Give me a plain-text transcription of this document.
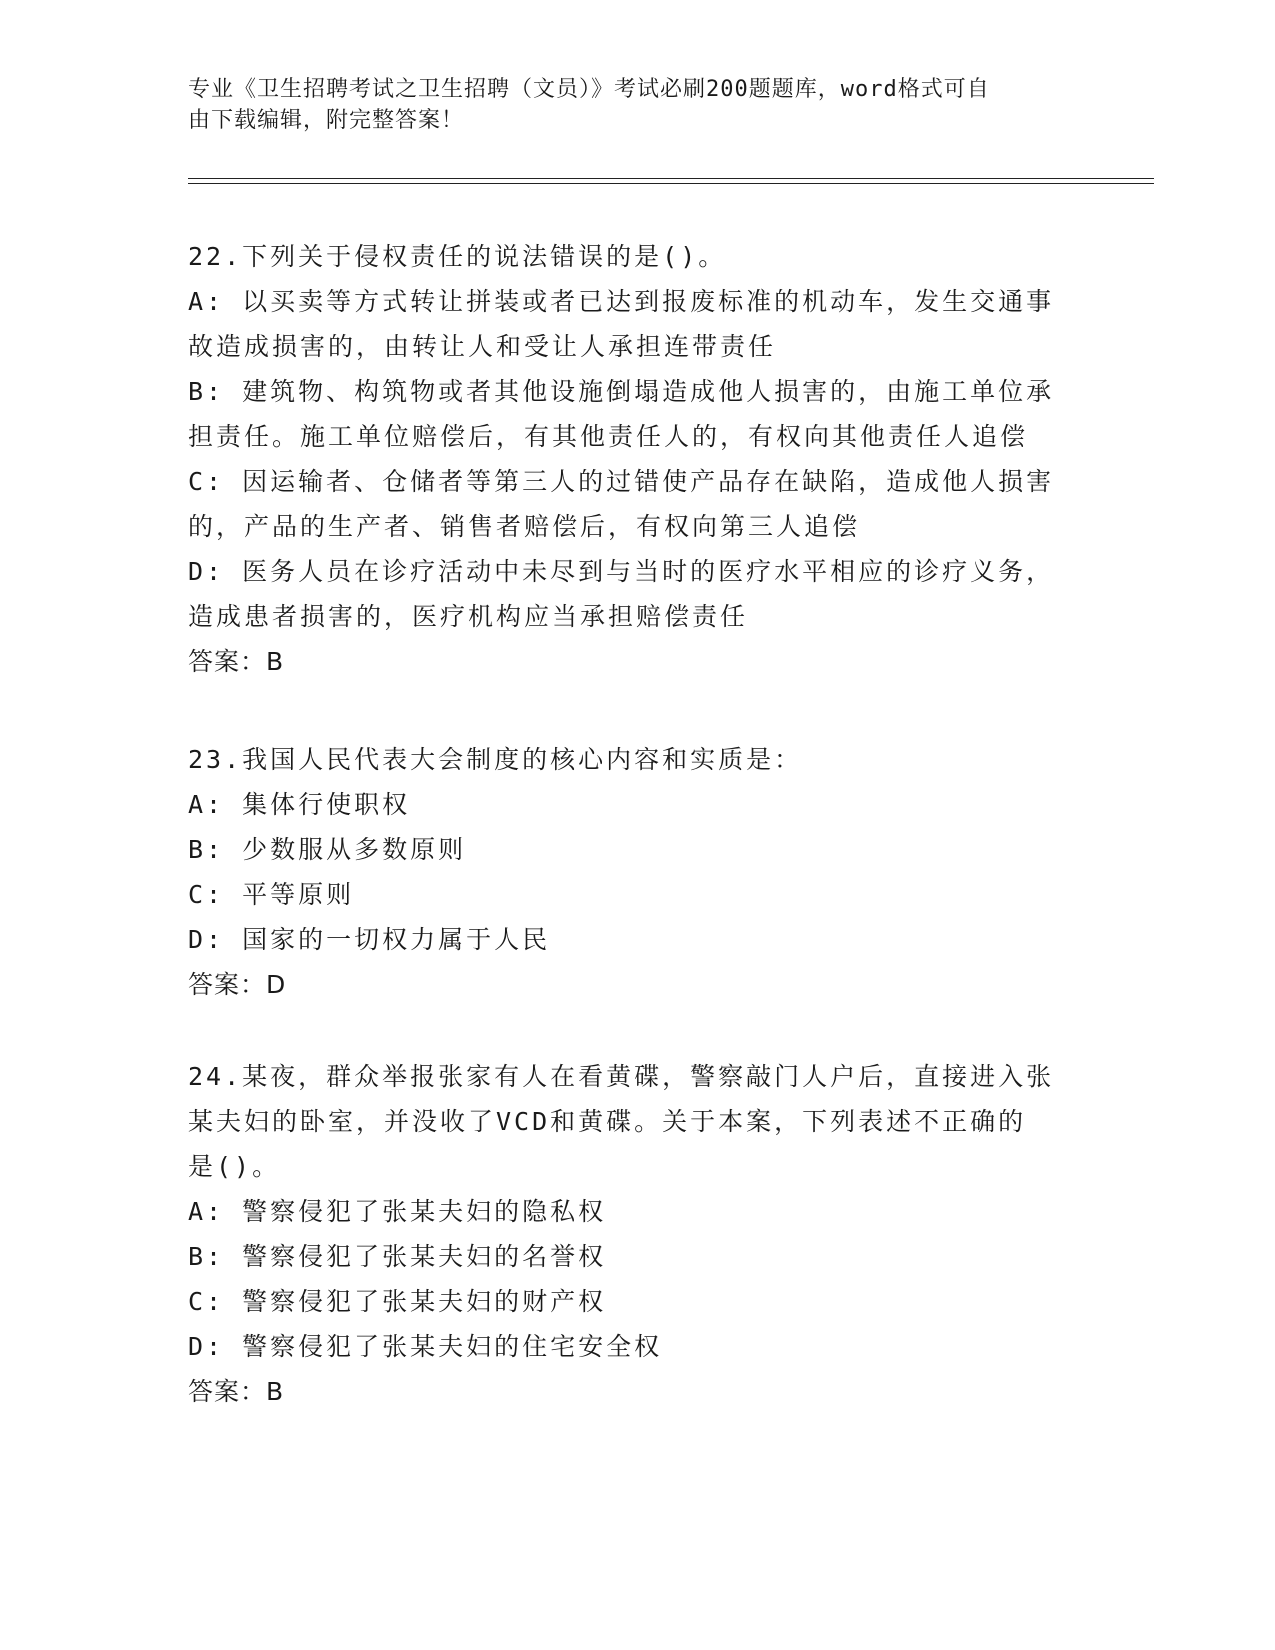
专业《卫生招聘考试之卫生招聘（文员）》考试必刷200题题库，word格式可自
由下载编辑，附完整答案！
22.下列关于侵权责任的说法错误的是()。
A: 以买卖等方式转让拼装或者已达到报废标准的机动车，发生交通事
故造成损害的，由转让人和受让人承担连带责任
B: 建筑物、构筑物或者其他设施倒塌造成他人损害的，由施工单位承
担责任。施工单位赔偿后，有其他责任人的，有权向其他责任人追偿
C: 因运输者、仓储者等第三人的过错使产品存在缺陷，造成他人损害
的，产品的生产者、销售者赔偿后，有权向第三人追偿
D: 医务人员在诊疗活动中未尽到与当时的医疗水平相应的诊疗义务，
造成患者损害的，医疗机构应当承担赔偿责任
答案：B
23.我国人民代表大会制度的核心内容和实质是：
A: 集体行使职权
B: 少数服从多数原则
C: 平等原则
D: 国家的一切权力属于人民
答案：D
24.某夜，群众举报张家有人在看黄碟，警察敲门人户后，直接进入张
某夫妇的卧室，并没收了VCD和黄碟。关于本案，下列表述不正确的
是()。
A: 警察侵犯了张某夫妇的隐私权
B: 警察侵犯了张某夫妇的名誉权
C: 警察侵犯了张某夫妇的财产权
D: 警察侵犯了张某夫妇的住宅安全权
答案：B
